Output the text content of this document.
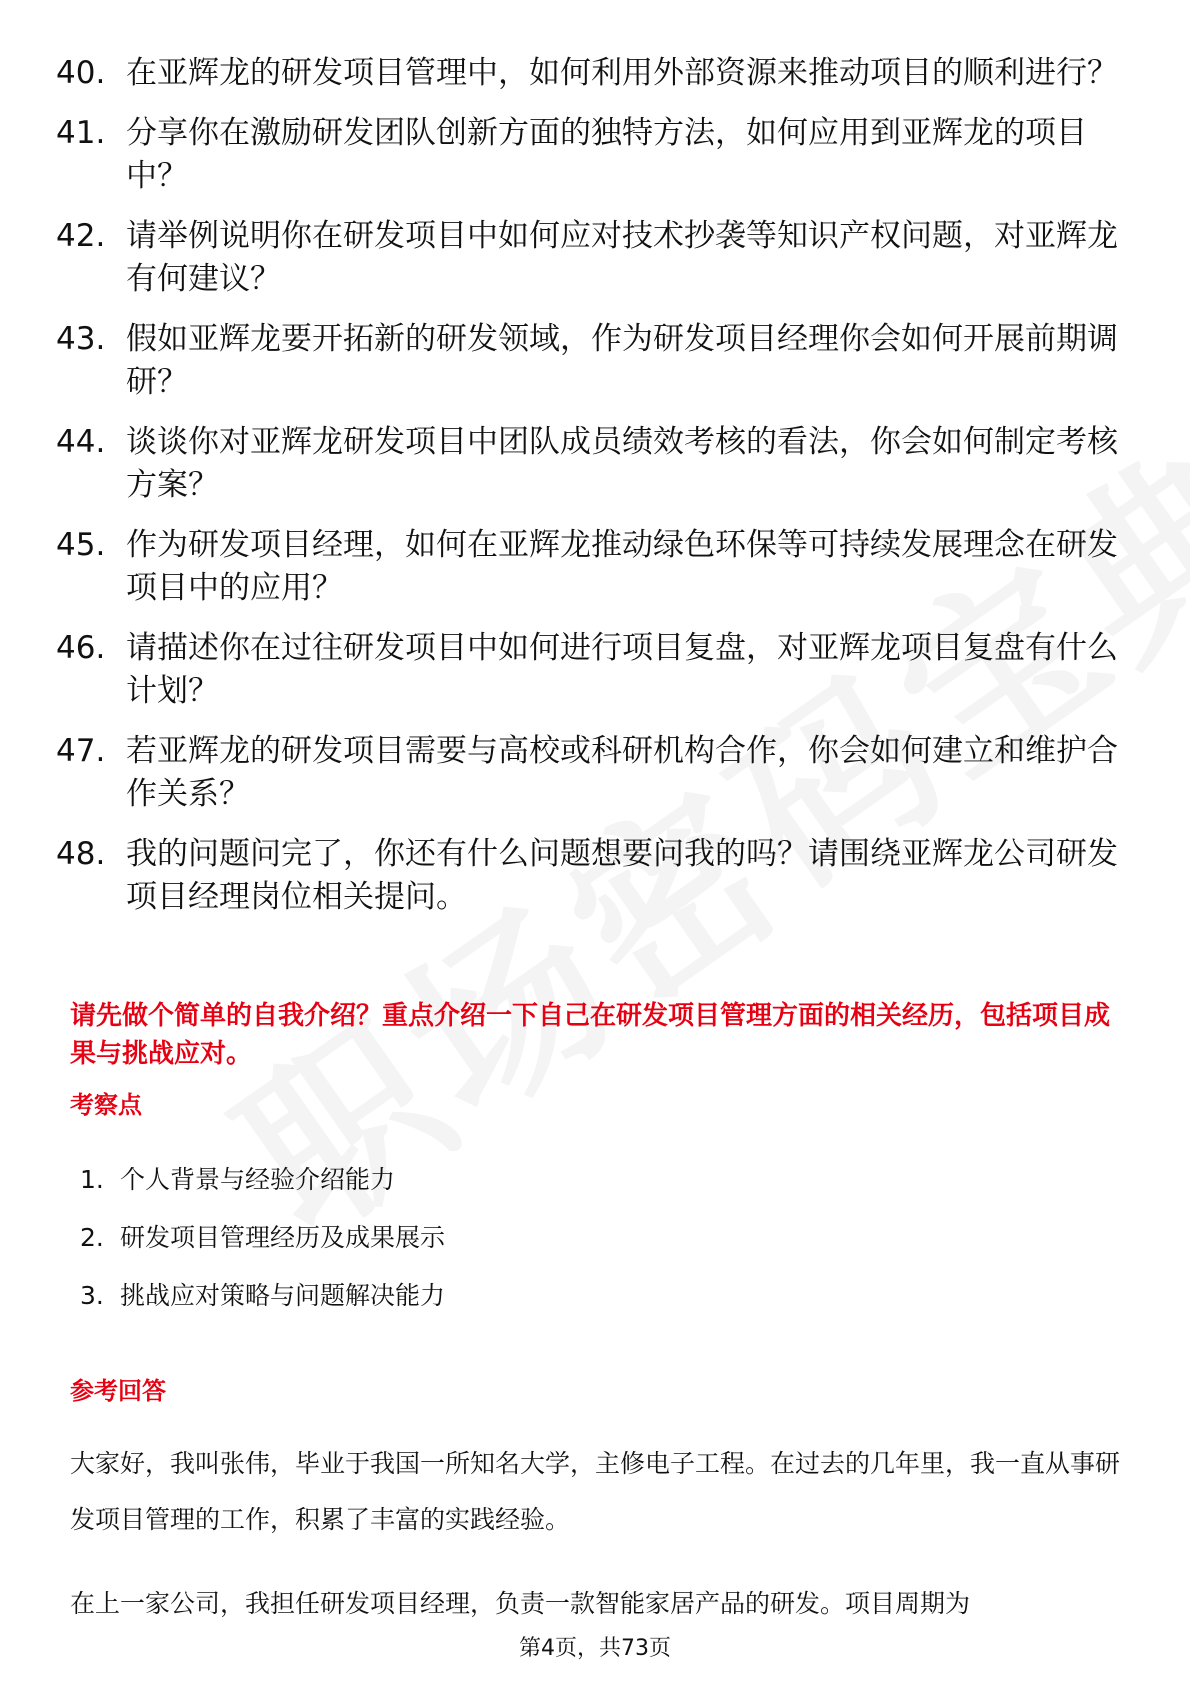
40. 在亚辉龙的研发项目管理中，如何利用外部资源来推动项目的顺利进行？
41. 分享你在激励研发团队创新方面的独特方法，如何应用到亚辉龙的项目中？
42. 请举例说明你在研发项目中如何应对技术抄袭等知识产权问题，对亚辉龙有何建议？
43. 假如亚辉龙要开拓新的研发领域，作为研发项目经理你会如何开展前期调研？
44. 谈谈你对亚辉龙研发项目中团队成员绩效考核的看法，你会如何制定考核方案？
45. 作为研发项目经理，如何在亚辉龙推动绿色环保等可持续发展理念在研发项目中的应用？
46. 请描述你在过往研发项目中如何进行项目复盘，对亚辉龙项目复盘有什么计划？
47. 若亚辉龙的研发项目需要与高校或科研机构合作，你会如何建立和维护合作关系？
48. 我的问题问完了，你还有什么问题想要问我的吗？请围绕亚辉龙公司研发项目经理岗位相关提问。

请先做个简单的自我介绍？重点介绍一下自己在研发项目管理方面的相关经历，包括项目成果与挑战应对。

考察点
1. 个人背景与经验介绍能力
2. 研发项目管理经历及成果展示
3. 挑战应对策略与问题解决能力
参考回答

大家好，我叫张伟，毕业于我国一所知名大学，主修电子工程。在过去的几年里，我一直从事研发项目管理的工作，积累了丰富的实践经验。

在上一家公司，我担任研发项目经理，负责一款智能家居产品的研发。项目周期为

第4页，共73页
